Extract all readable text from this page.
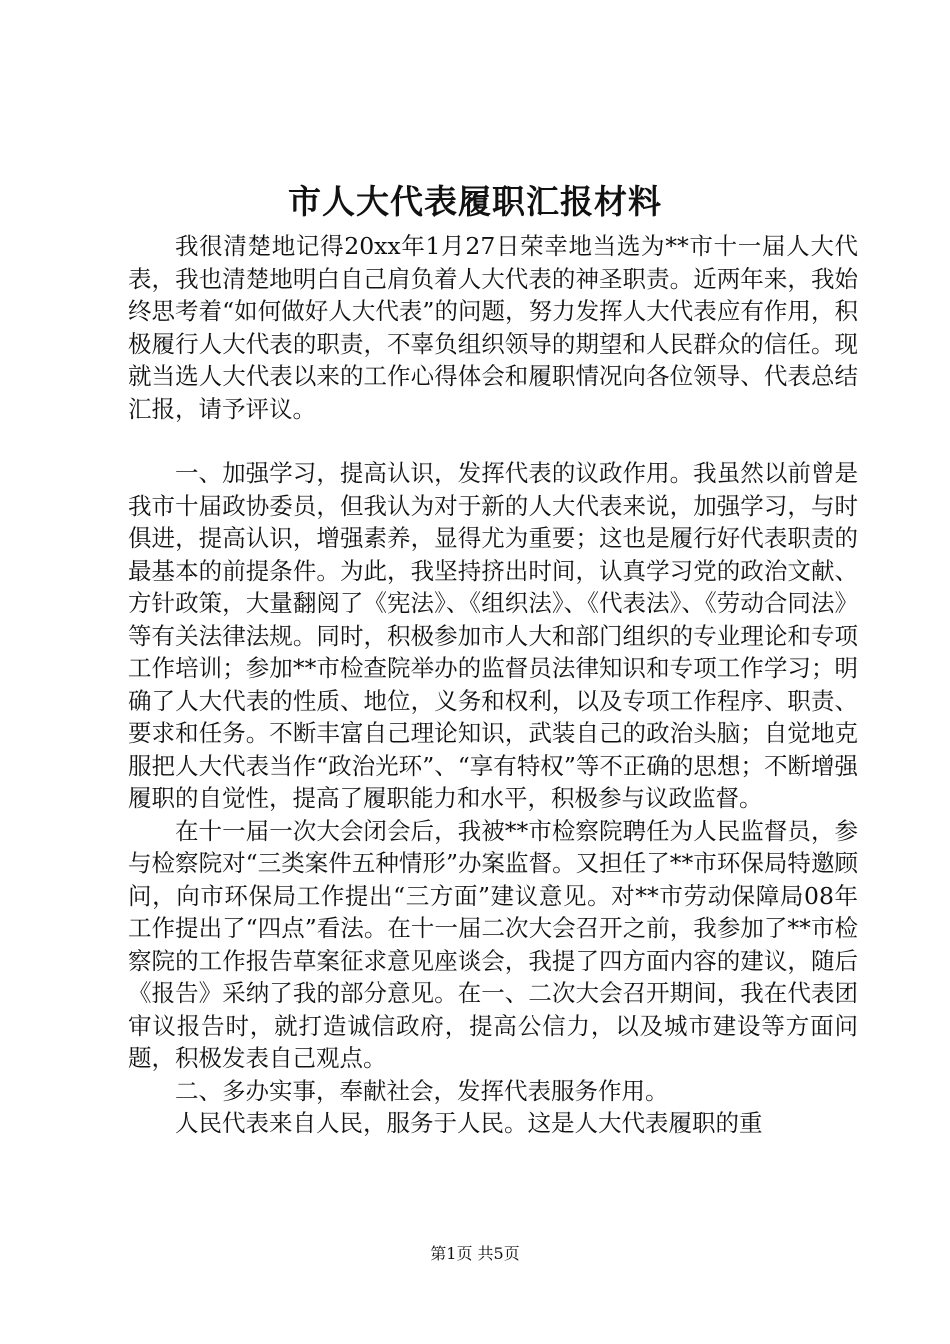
市人大代表履职汇报材料

我很清楚地记得20xx年1月27日荣幸地当选为**市十一届人大代表，我也清楚地明白自己肩负着人大代表的神圣职责。近两年来，我始终思考着“如何做好人大代表”的问题，努力发挥人大代表应有作用，积极履行人大代表的职责，不辜负组织领导的期望和人民群众的信任。现就当选人大代表以来的工作心得体会和履职情况向各位领导、代表总结汇报，请予评议。

一、加强学习，提高认识，发挥代表的议政作用。我虽然以前曾是我市十届政协委员，但我认为对于新的人大代表来说，加强学习，与时俱进，提高认识，增强素养，显得尤为重要；这也是履行好代表职责的最基本的前提条件。为此，我坚持挤出时间，认真学习党的政治文献、方针政策，大量翻阅了《宪法》、《组织法》、《代表法》、《劳动合同法》等有关法律法规。同时，积极参加市人大和部门组织的专业理论和专项工作培训；参加**市检查院举办的监督员法律知识和专项工作学习；明确了人大代表的性质、地位，义务和权利，以及专项工作程序、职责、要求和任务。不断丰富自己理论知识，武装自己的政治头脑；自觉地克服把人大代表当作“政治光环”、“享有特权”等不正确的思想；不断增强履职的自觉性，提高了履职能力和水平，积极参与议政监督。

在十一届一次大会闭会后，我被**市检察院聘任为人民监督员，参与检察院对“三类案件五种情形”办案监督。又担任了**市环保局特邀顾问，向市环保局工作提出“三方面”建议意见。对**市劳动保障局08年工作提出了“四点”看法。在十一届二次大会召开之前，我参加了**市检察院的工作报告草案征求意见座谈会，我提了四方面内容的建议，随后《报告》采纳了我的部分意见。在一、二次大会召开期间，我在代表团审议报告时，就打造诚信政府，提高公信力，以及城市建设等方面问题，积极发表自己观点。

二、多办实事，奉献社会，发挥代表服务作用。

人民代表来自人民，服务于人民。这是人大代表履职的重

第1页 共5页
